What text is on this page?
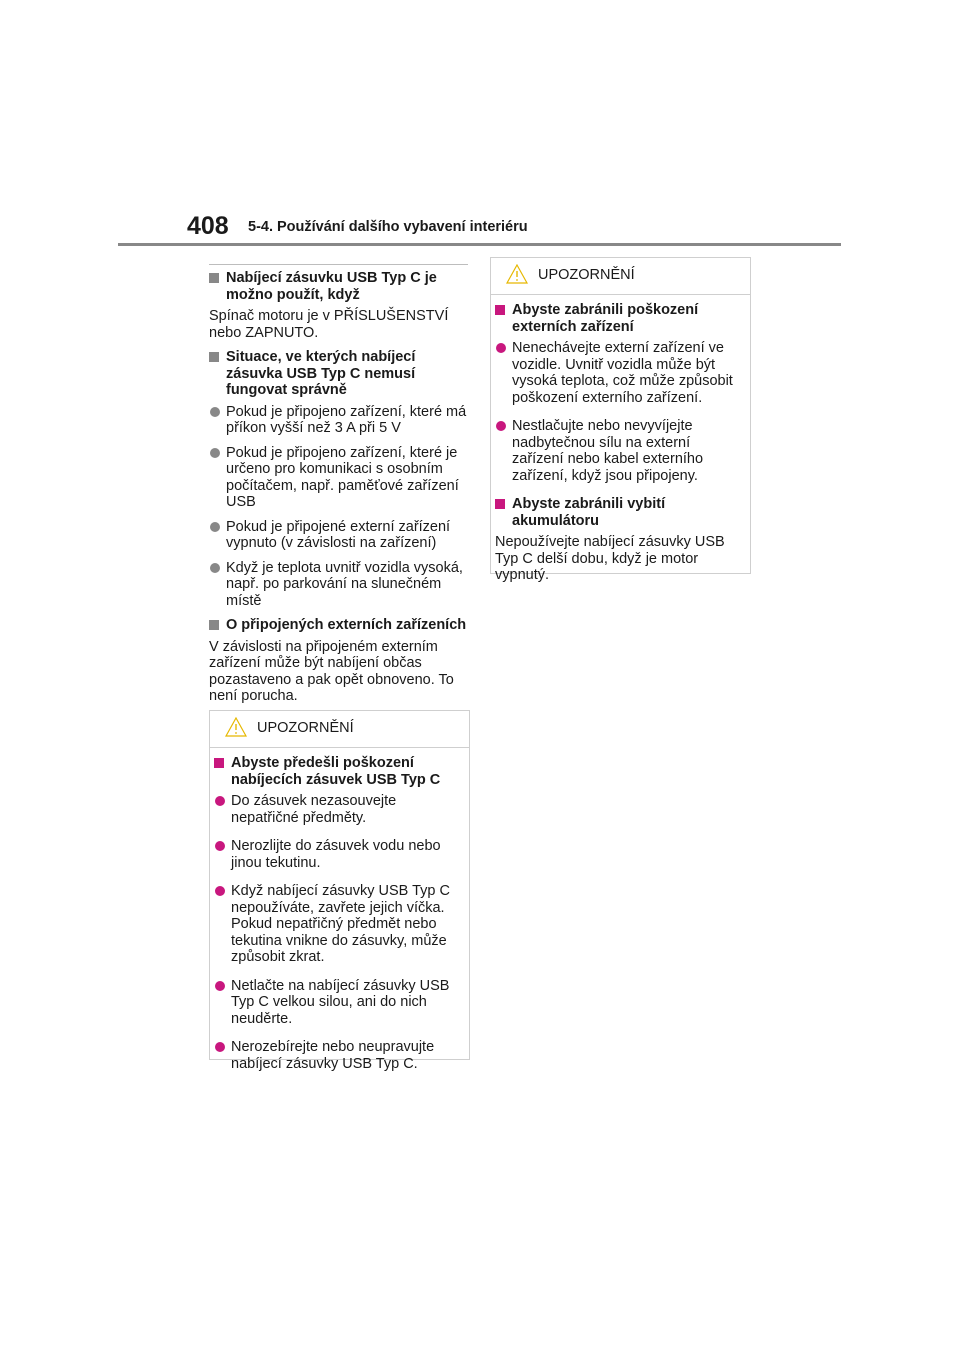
408 5-4. Používání dalšího vybavení interiéru
Nabíjecí zásuvku USB Typ C je možno použít, když
Spínač motoru je v PŘÍSLUŠENSTVÍ nebo ZAPNUTO.
Situace, ve kterých nabíjecí zásuvka USB Typ C nemusí fungovat správně
Pokud je připojeno zařízení, které má příkon vyšší než 3 A při 5 V
Pokud je připojeno zařízení, které je určeno pro komunikaci s osobním počítačem, např. paměťové zařízení USB
Pokud je připojené externí zařízení vypnuto (v závislosti na zařízení)
Když je teplota uvnitř vozidla vysoká, např. po parkování na slunečném místě
O připojených externích zařízeních
V závislosti na připojeném externím zařízení může být nabíjení občas pozastaveno a pak opět obnoveno. To není porucha.
UPOZORNĚNÍ
Abyste předešli poškození nabíjecích zásuvek USB Typ C
Do zásuvek nezasouvejte nepatřičné předměty.
Nerozlijte do zásuvek vodu nebo jinou tekutinu.
Když nabíjecí zásuvky USB Typ C nepoužíváte, zavřete jejich víčka. Pokud nepatřičný předmět nebo tekutina vnikne do zásuvky, může způsobit zkrat.
Netlačte na nabíjecí zásuvky USB Typ C velkou silou, ani do nich neuděrte.
Nerozebírejte nebo neupravujte nabíjecí zásuvky USB Typ C.
UPOZORNĚNÍ
Abyste zabránili poškození externích zařízení
Nenechávejte externí zařízení ve vozidle. Uvnitř vozidla může být vysoká teplota, což může způsobit poškození externího zařízení.
Nestlačujte nebo nevyvíjejte nadbytečnou sílu na externí zařízení nebo kabel externího zařízení, když jsou připojeny.
Abyste zabránili vybití akumulátoru
Nepoužívejte nabíjecí zásuvky USB Typ C delší dobu, když je motor vypnutý.
